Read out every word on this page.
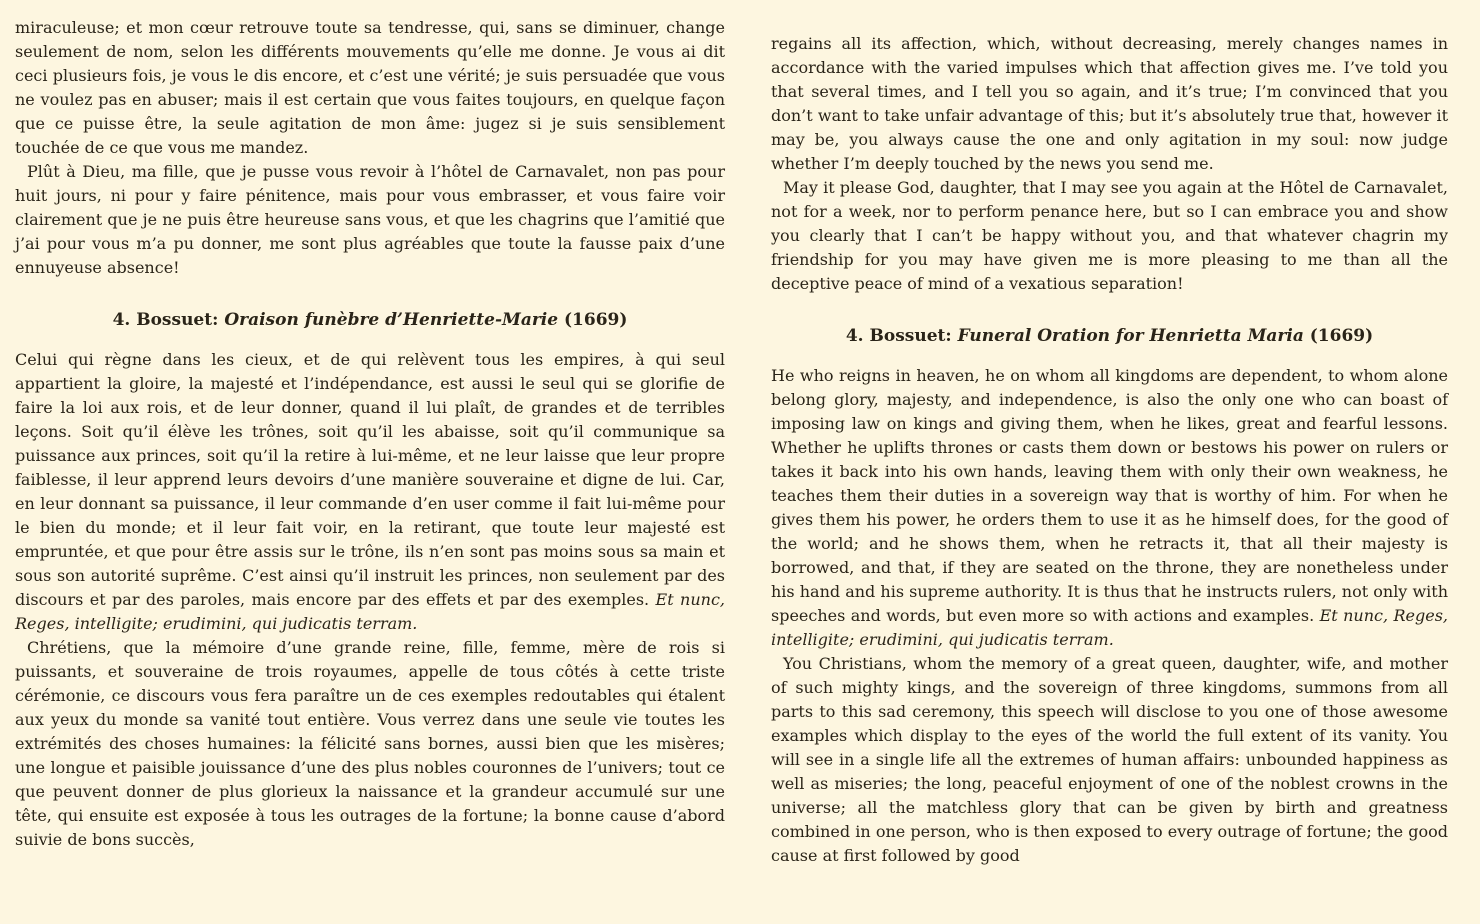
miraculeuse; et mon cœur retrouve toute sa tendresse, qui, sans se diminuer, change seulement de nom, selon les différents mouvements qu’elle me donne. Je vous ai dit ceci plusieurs fois, je vous le dis encore, et c’est une vérité; je suis persuadée que vous ne voulez pas en abuser; mais il est certain que vous faites toujours, en quelque façon que ce puisse être, la seule agitation de mon âme: jugez si je suis sensiblement touchée de ce que vous me mandez.

Plût à Dieu, ma fille, que je pusse vous revoir à l’hôtel de Carnavalet, non pas pour huit jours, ni pour y faire pénitence, mais pour vous embrasser, et vous faire voir clairement que je ne puis être heureuse sans vous, et que les chagrins que l’amitié que j’ai pour vous m’a pu donner, me sont plus agréables que toute la fausse paix d’une ennuyeuse absence!

4. Bossuet: Oraison funèbre d’Henriette-Marie (1669)

Celui qui règne dans les cieux, et de qui relèvent tous les empires, à qui seul appartient la gloire, la majesté et l’indépendance, est aussi le seul qui se glorifie de faire la loi aux rois, et de leur donner, quand il lui plaît, de grandes et de terribles leçons. Soit qu’il élève les trônes, soit qu’il les abaisse, soit qu’il communique sa puissance aux princes, soit qu’il la retire à lui-même, et ne leur laisse que leur propre faiblesse, il leur apprend leurs devoirs d’une manière souveraine et digne de lui. Car, en leur donnant sa puissance, il leur commande d’en user comme il fait lui-même pour le bien du monde; et il leur fait voir, en la retirant, que toute leur majesté est empruntée, et que pour être assis sur le trône, ils n’en sont pas moins sous sa main et sous son autorité suprême. C’est ainsi qu’il instruit les princes, non seulement par des discours et par des paroles, mais encore par des effets et par des exemples. Et nunc, Reges, intelligite; erudimini, qui judicatis terram.

Chrétiens, que la mémoire d’une grande reine, fille, femme, mère de rois si puissants, et souveraine de trois royaumes, appelle de tous côtés à cette triste cérémonie, ce discours vous fera paraître un de ces exemples redoutables qui étalent aux yeux du monde sa vanité tout entière. Vous verrez dans une seule vie toutes les extrémités des choses humaines: la félicité sans bornes, aussi bien que les misères; une longue et paisible jouissance d’une des plus nobles couronnes de l’univers; tout ce que peuvent donner de plus glorieux la naissance et la grandeur accumulé sur une tête, qui ensuite est exposée à tous les outrages de la fortune; la bonne cause d’abord suivie de bons succès,

regains all its affection, which, without decreasing, merely changes names in accordance with the varied impulses which that affection gives me. I’ve told you that several times, and I tell you so again, and it’s true; I’m convinced that you don’t want to take unfair advantage of this; but it’s absolutely true that, however it may be, you always cause the one and only agitation in my soul: now judge whether I’m deeply touched by the news you send me.

May it please God, daughter, that I may see you again at the Hôtel de Carnavalet, not for a week, nor to perform penance here, but so I can embrace you and show you clearly that I can’t be happy without you, and that whatever chagrin my friendship for you may have given me is more pleasing to me than all the deceptive peace of mind of a vexatious separation!

4. Bossuet: Funeral Oration for Henrietta Maria (1669)

He who reigns in heaven, he on whom all kingdoms are dependent, to whom alone belong glory, majesty, and independence, is also the only one who can boast of imposing law on kings and giving them, when he likes, great and fearful lessons. Whether he uplifts thrones or casts them down or bestows his power on rulers or takes it back into his own hands, leaving them with only their own weakness, he teaches them their duties in a sovereign way that is worthy of him. For when he gives them his power, he orders them to use it as he himself does, for the good of the world; and he shows them, when he retracts it, that all their majesty is borrowed, and that, if they are seated on the throne, they are nonetheless under his hand and his supreme authority. It is thus that he instructs rulers, not only with speeches and words, but even more so with actions and examples. Et nunc, Reges, intelligite; erudimini, qui judicatis terram.

You Christians, whom the memory of a great queen, daughter, wife, and mother of such mighty kings, and the sovereign of three kingdoms, summons from all parts to this sad ceremony, this speech will disclose to you one of those awesome examples which display to the eyes of the world the full extent of its vanity. You will see in a single life all the extremes of human affairs: unbounded happiness as well as miseries; the long, peaceful enjoyment of one of the noblest crowns in the universe; all the matchless glory that can be given by birth and greatness combined in one person, who is then exposed to every outrage of fortune; the good cause at first followed by good
